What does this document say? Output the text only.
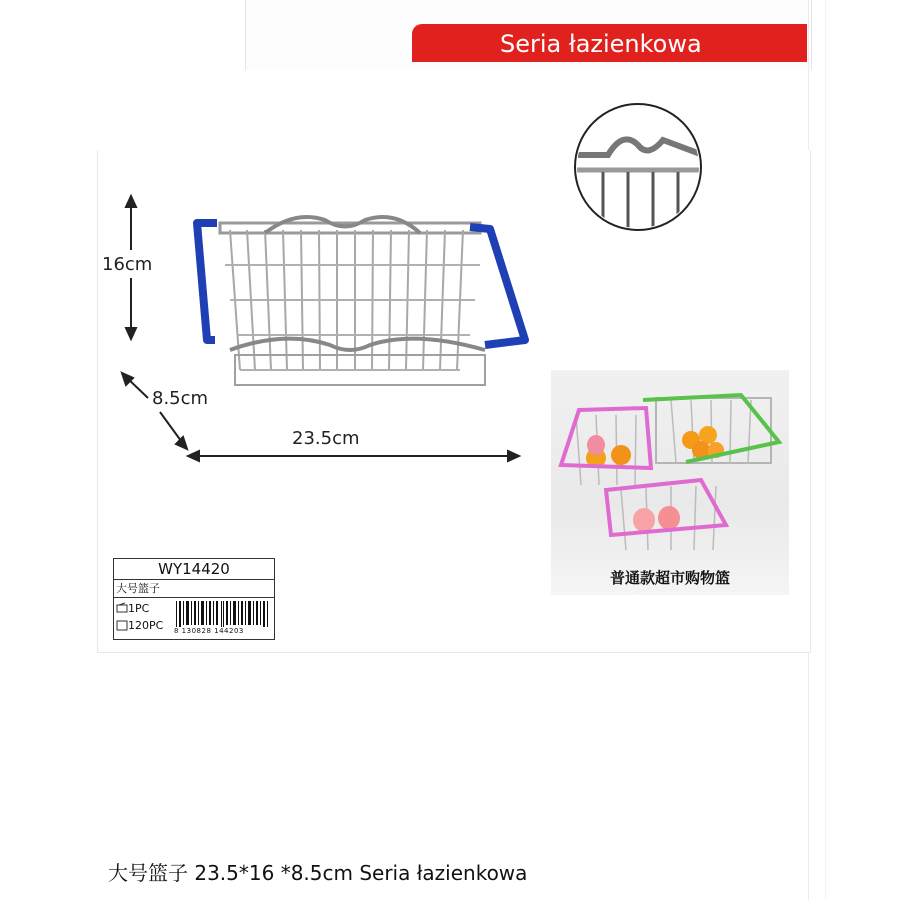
Seria łazienkowa
16cm
8.5cm
23.5cm
普通款超市购物篮
WY14420
大号篮子
1PC
120PC 8 130828 144203
大号篮子 23.5*16 *8.5cm Seria łazienkowa
